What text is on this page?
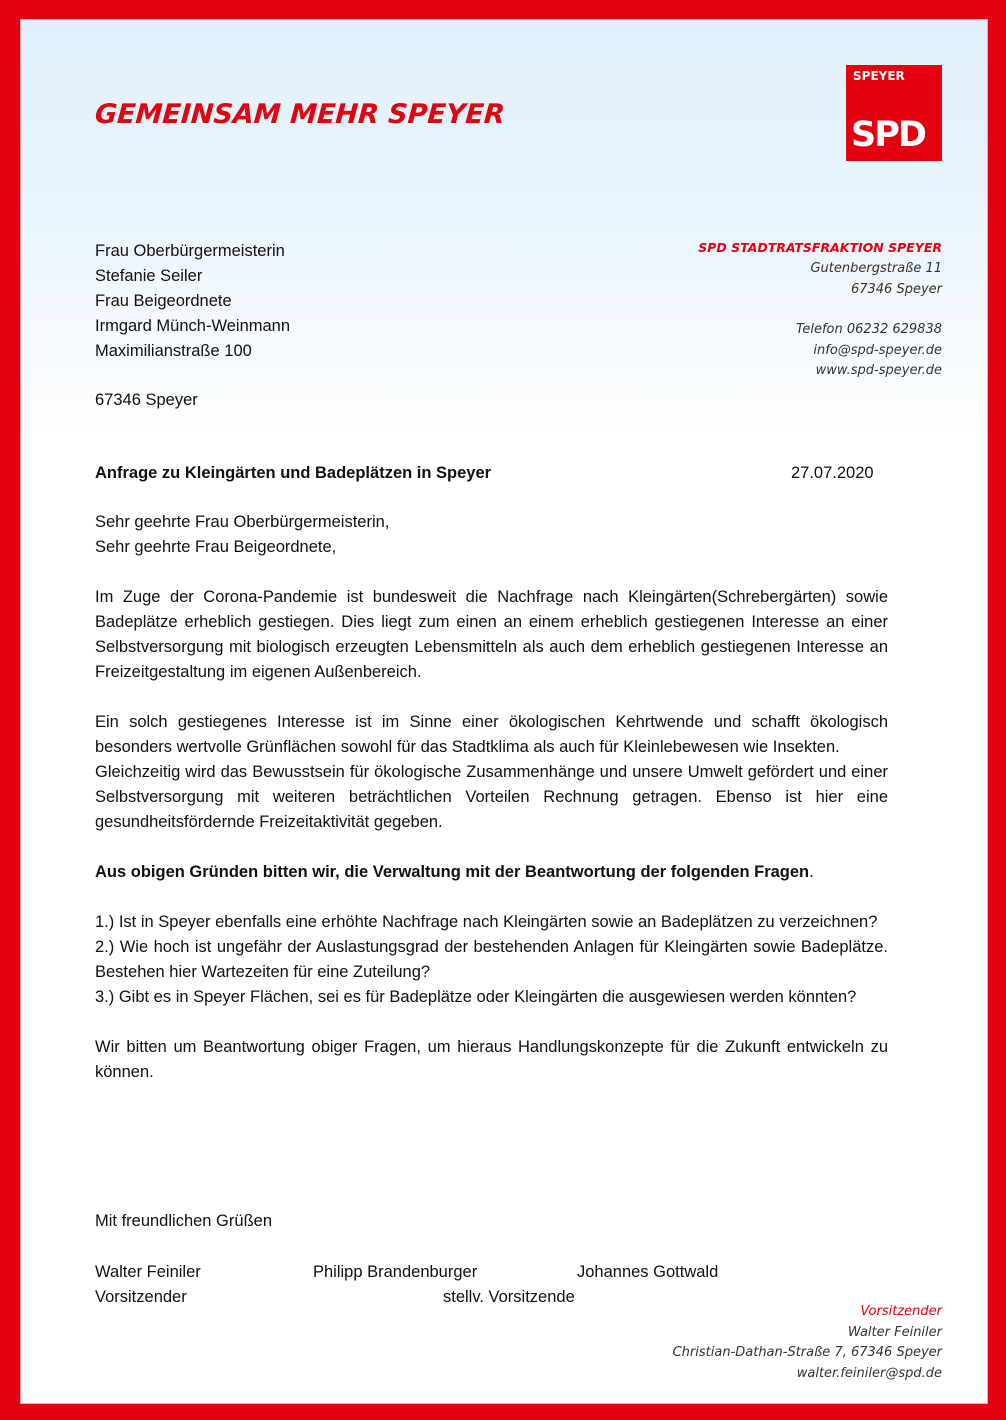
GEMEINSAM MEHR SPEYER
SPEYER
SPD
SPD STADTRATSFRAKTION SPEYER
Gutenbergstraße 11
67346 Speyer
Telefon 06232 629838
info@spd-speyer.de
www.spd-speyer.de
Frau Oberbürgermeisterin
Stefanie Seiler
Frau Beigeordnete
Irmgard Münch-Weinmann
Maximilianstraße 100
67346 Speyer
Anfrage zu Kleingärten und Badeplätzen in Speyer	27.07.2020

Sehr geehrte Frau Oberbürgermeisterin,

Sehr geehrte Frau Beigeordnete,

Im Zuge der Corona-Pandemie ist bundesweit die Nachfrage nach Kleingärten(Schrebergärten) sowie Badeplätze erheblich gestiegen. Dies liegt zum einen an einem erheblich gestiegenen Interesse an einer Selbstversorgung mit biologisch erzeugten Lebensmitteln als auch dem erheblich gestiegenen Interesse an Freizeitgestaltung im eigenen Außenbereich.

Ein solch gestiegenes Interesse ist im Sinne einer ökologischen Kehrtwende und schafft ökologisch besonders wertvolle Grünflächen sowohl für das Stadtklima als auch für Kleinlebewesen wie Insekten.

Gleichzeitig wird das Bewusstsein für ökologische Zusammenhänge und unsere Umwelt gefördert und einer Selbstversorgung mit weiteren beträchtlichen Vorteilen Rechnung getragen. Ebenso ist hier eine gesundheitsfördernde Freizeitaktivität gegeben.

Aus obigen Gründen bitten wir, die Verwaltung mit der Beantwortung der folgenden Fragen.

1.) Ist in Speyer ebenfalls eine erhöhte Nachfrage nach Kleingärten sowie an Badeplätzen zu verzeichnen?

2.) Wie hoch ist ungefähr der Auslastungsgrad der bestehenden Anlagen für Kleingärten sowie Badeplätze. Bestehen hier Wartezeiten für eine Zuteilung?

3.) Gibt es in Speyer Flächen, sei es für Badeplätze oder Kleingärten die ausgewiesen werden könnten?

Wir bitten um Beantwortung obiger Fragen, um hieraus Handlungskonzepte für die Zukunft entwickeln zu können.

Mit freundlichen Grüßen
Walter Feiniler	Philipp Brandenburger	Johannes Gottwald
Vorsitzender	stellv. Vorsitzende
Vorsitzender
Walter Feiniler
Christian-Dathan-Straße 7, 67346 Speyer
walter.feiniler@spd.de
